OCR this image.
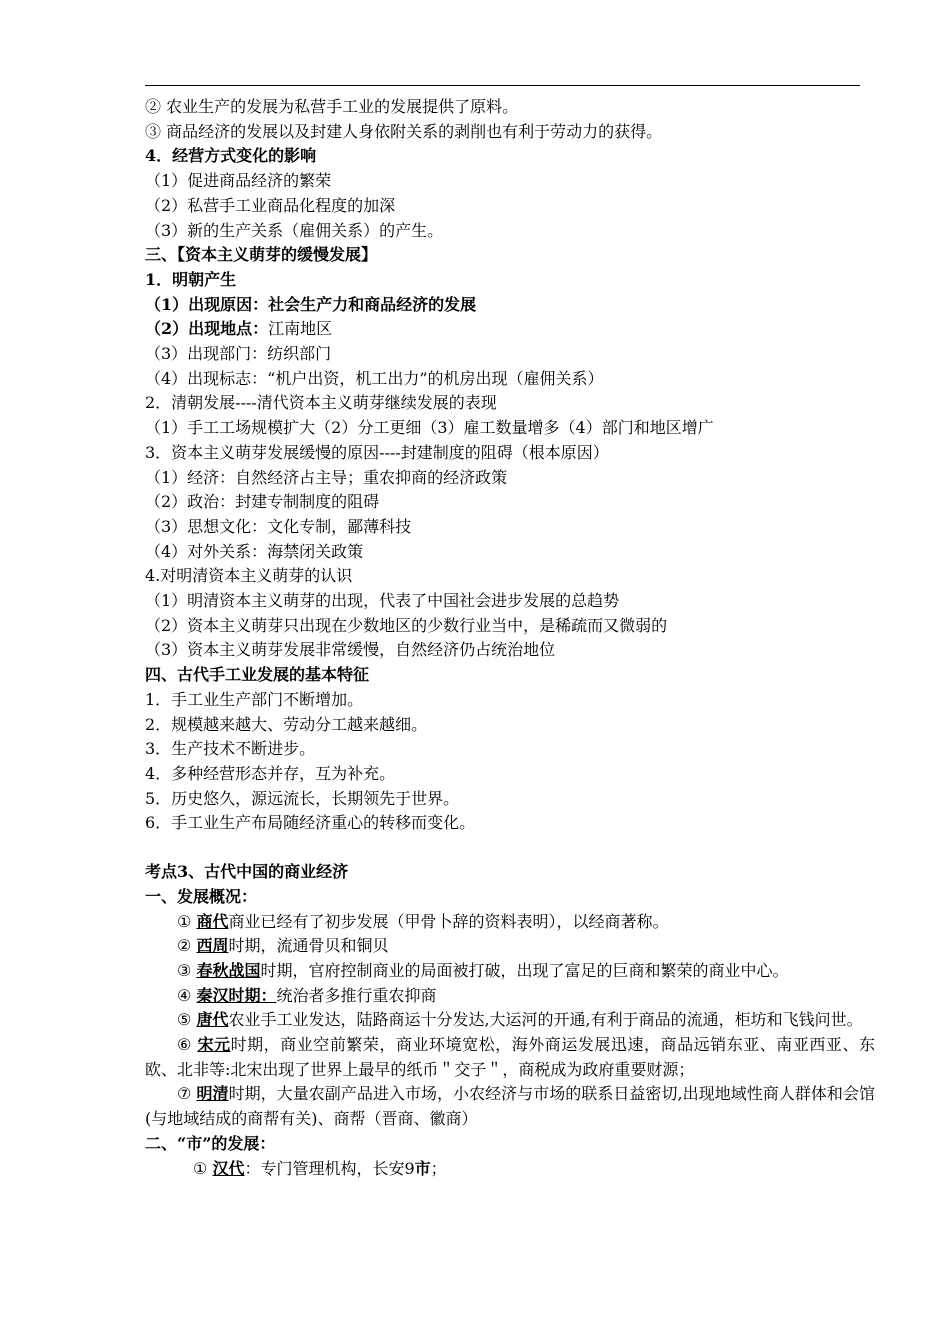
② 农业生产的发展为私营手工业的发展提供了原料。
③ 商品经济的发展以及封建人身依附关系的剥削也有利于劳动力的获得。
4．经营方式变化的影响
（1）促进商品经济的繁荣
（2）私营手工业商品化程度的加深
（3）新的生产关系（雇佣关系）的产生。
三、【资本主义萌芽的缓慢发展】
1．明朝产生
（1）出现原因：社会生产力和商品经济的发展
（2）出现地点：江南地区
（3）出现部门：纺织部门
（4）出现标志：“机户出资，机工出力”的机房出现（雇佣关系）
2．清朝发展----清代资本主义萌芽继续发展的表现
（1）手工工场规模扩大（2）分工更细（3）雇工数量增多（4）部门和地区增广
3．资本主义萌芽发展缓慢的原因----封建制度的阻碍（根本原因）
（1）经济：自然经济占主导；重农抑商的经济政策
（2）政治：封建专制制度的阻碍
（3）思想文化：文化专制，鄙薄科技
（4）对外关系：海禁闭关政策
4.对明清资本主义萌芽的认识
（1）明清资本主义萌芽的出现，代表了中国社会进步发展的总趋势
（2）资本主义萌芽只出现在少数地区的少数行业当中，是稀疏而又微弱的
（3）资本主义萌芽发展非常缓慢，自然经济仍占统治地位
四、古代手工业发展的基本特征
1．手工业生产部门不断增加。
2．规模越来越大、劳动分工越来越细。
3．生产技术不断进步。
4．多种经营形态并存，互为补充。
5．历史悠久，源远流长，长期领先于世界。
6．手工业生产布局随经济重心的转移而变化。
考点3、古代中国的商业经济
一、发展概况：
① 商代商业已经有了初步发展（甲骨卜辞的资料表明），以经商著称。
② 西周时期，流通骨贝和铜贝
③ 春秋战国时期，官府控制商业的局面被打破，出现了富足的巨商和繁荣的商业中心。
④ 秦汉时期：统治者多推行重农抑商
⑤ 唐代农业手工业发达，陆路商运十分发达,大运河的开通,有利于商品的流通，柜坊和飞钱问世。
⑥ 宋元时期，商业空前繁荣，商业环境宽松，海外商运发展迅速，商品远销东亚、南亚西亚、东欧、北非等:北宋出现了世界上最早的纸币＂交子＂，商税成为政府重要财源；
⑦ 明清时期，大量农副产品进入市场，小农经济与市场的联系日益密切,出现地域性商人群体和会馆(与地域结成的商帮有关)、商帮（晋商、徽商）
二、“市”的发展：
① 汉代：专门管理机构，长安9市；
